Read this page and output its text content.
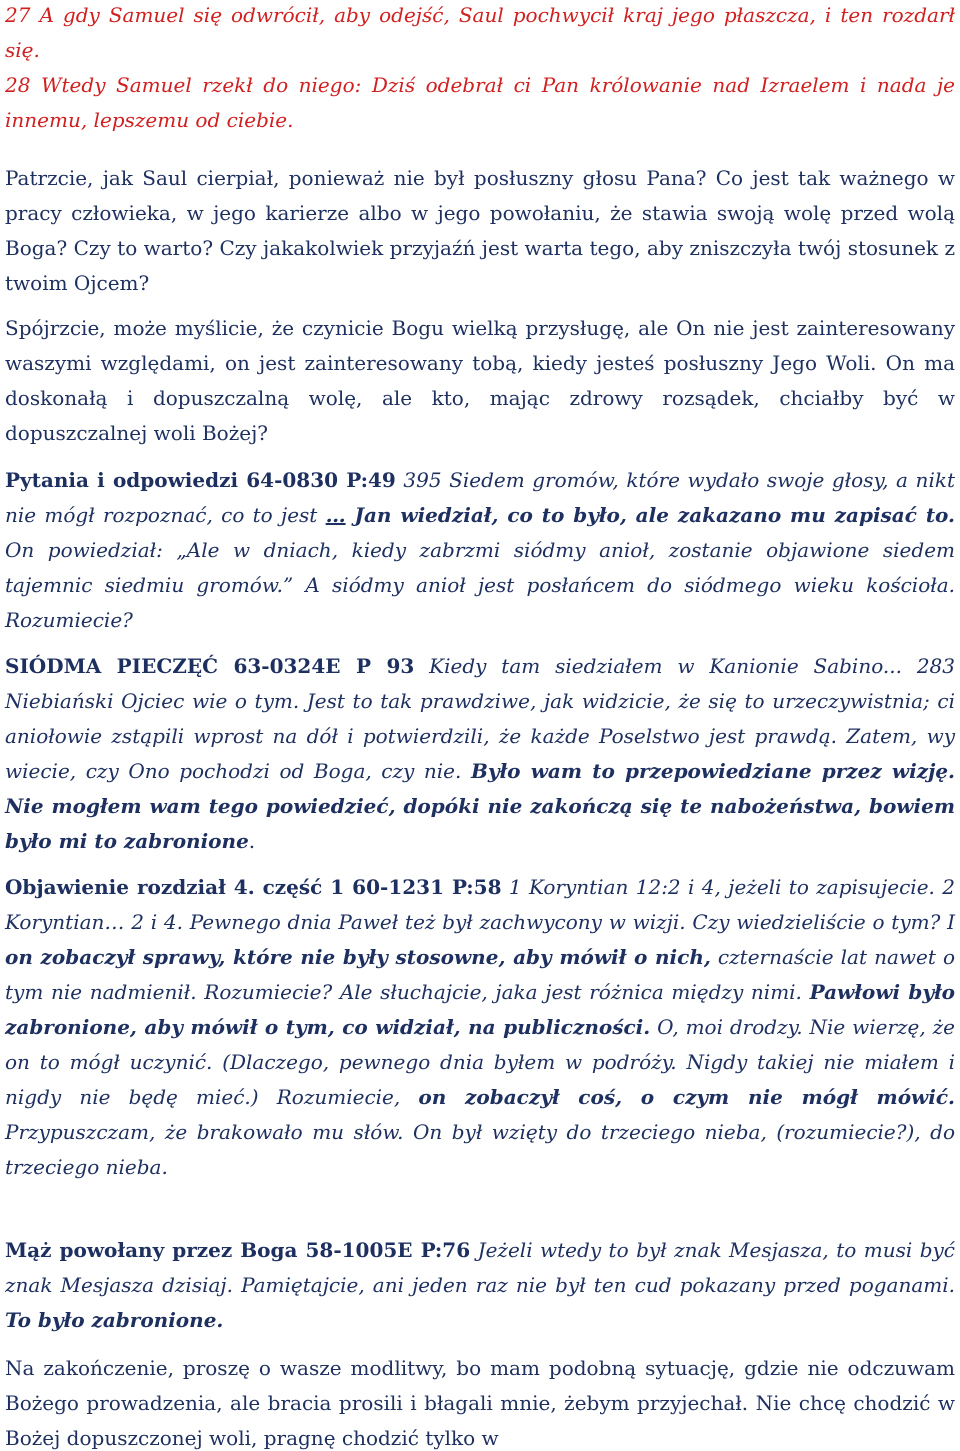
27 A gdy Samuel się odwrócił, aby odejść, Saul pochwycił kraj jego płaszcza, i ten rozdarł się.
28 Wtedy Samuel rzekł do niego: Dziś odebrał ci Pan królowanie nad Izraelem i nada je innemu, lepszemu od ciebie.

Patrzcie, jak Saul cierpiał, ponieważ nie był posłuszny głosu Pana? Co jest tak ważnego w pracy człowieka, w jego karierze albo w jego powołaniu, że stawia swoją wolę przed wolą Boga? Czy to warto? Czy jakakolwiek przyjaźń jest warta tego, aby zniszczyła twój stosunek z twoim Ojcem?

Spójrzcie, może myślicie, że czynicie Bogu wielką przysługę, ale On nie jest zainteresowany waszymi względami, on jest zainteresowany tobą, kiedy jesteś posłuszny Jego Woli. On ma doskonałą i dopuszczalną wolę, ale kto, mając zdrowy rozsądek, chciałby być w dopuszczalnej woli Bożej?

Pytania i odpowiedzi 64-0830 P:49 395 Siedem gromów, które wydało swoje głosy, a nikt nie mógł rozpoznać, co to jest … Jan wiedział, co to było, ale zakazano mu zapisać to. On powiedział: „Ale w dniach, kiedy zabrzmi siódmy anioł, zostanie objawione siedem tajemnic siedmiu gromów.” A siódmy anioł jest posłańcem do siódmego wieku kościoła. Rozumiecie?

SIÓDMA PIECZĘĆ 63-0324E P 93 Kiedy tam siedziałem w Kanionie Sabino... 283 Niebiański Ojciec wie o tym. Jest to tak prawdziwe, jak widzicie, że się to urzeczywistnia; ci aniołowie zstąpili wprost na dół i potwierdzili, że każde Poselstwo jest prawdą. Zatem, wy wiecie, czy Ono pochodzi od Boga, czy nie. Było wam to przepowiedziane przez wizję. Nie mogłem wam tego powiedzieć, dopóki nie zakończą się te nabożeństwa, bowiem było mi to zabronione.

Objawienie rozdział 4. część 1 60-1231 P:58 1 Koryntian 12:2 i 4, jeżeli to zapisujecie. 2 Koryntian… 2 i 4. Pewnego dnia Paweł też był zachwycony w wizji. Czy wiedzieliście o tym? I on zobaczył sprawy, które nie były stosowne, aby mówił o nich, czternaście lat nawet o tym nie nadmienił. Rozumiecie? Ale słuchajcie, jaka jest różnica między nimi. Pawłowi było zabronione, aby mówił o tym, co widział, na publiczności. O, moi drodzy. Nie wierzę, że on to mógł uczynić. (Dlaczego, pewnego dnia byłem w podróży. Nigdy takiej nie miałem i nigdy nie będę mieć.) Rozumiecie, on zobaczył coś, o czym nie mógł mówić. Przypuszczam, że brakowało mu słów. On był wzięty do trzeciego nieba, (rozumiecie?), do trzeciego nieba.

Mąż powołany przez Boga 58-1005E P:76 Jeżeli wtedy to był znak Mesjasza, to musi być znak Mesjasza dzisiaj. Pamiętajcie, ani jeden raz nie był ten cud pokazany przed poganami. To było zabronione.

Na zakończenie, proszę o wasze modlitwy, bo mam podobną sytuację, gdzie nie odczuwam Bożego prowadzenia, ale bracia prosili i błagali mnie, żebym przyjechał. Nie chcę chodzić w Bożej dopuszczonej woli, pragnę chodzić tylko w
